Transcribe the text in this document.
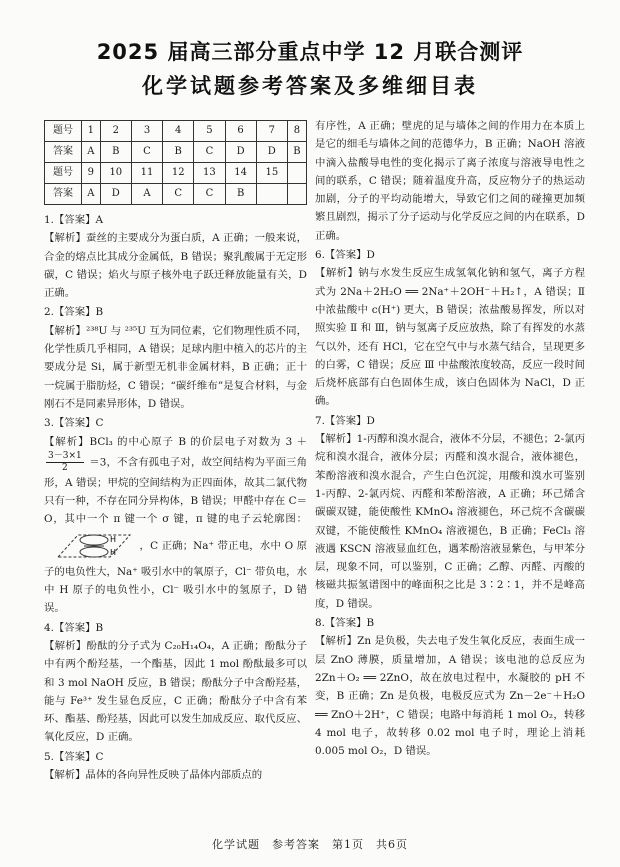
2025 届高三部分重点中学 12 月联合测评
化学试题参考答案及多维细目表
题号	1	2	3	4	5	6	7	8
答案	A	B	C	B	C	D	D	B
题号	9	10	11	12	13	14	15	
答案	A	D	A	C	C	B		

1.【答案】A

【解析】蚕丝的主要成分为蛋白质，A 正确；一般来说，合金的熔点比其成分金属低，B 错误；聚乳酸属于无定形碳，C 错误；焰火与原子核外电子跃迁释放能量有关，D 正确。

2.【答案】B

【解析】²³⁸U 与 ²³⁵U 互为同位素，它们物理性质不同，化学性质几乎相同，A 错误；足球内胆中植入的芯片的主要成分是 Si，属于新型无机非金属材料，B 正确；正十一烷属于脂肪烃，C 错误；“碳纤维布”是复合材料，与金刚石不是同素异形体，D 错误。

3.【答案】C

【解析】BCl₃ 的中心原子 B 的价层电子对数为 3 ＋
$\frac{3-3\times 1}{2} =3$，不含有孤电子对，故空间结构为平面三角形，A 错误；甲烷的空间结构为正四面体，故其二氯代物只有一种，不存在同分异构体，B 错误；甲醛中存在 C＝O，其中一个 π 键一个 σ 键，π 键的电子云轮廓图：
H
H
，C 正确；Na⁺ 带正电，水中 O 原子的电负性大，Na⁺ 吸引水中的氧原子，Cl⁻ 带负电，水中 H 原子的电负性小，Cl⁻ 吸引水中的氢原子，D 错误。

4.【答案】B

【解析】酚酞的分子式为 C₂₀H₁₄O₄，A 正确；酚酞分子中有两个酚羟基，一个酯基，因此 1 mol 酚酞最多可以和 3 mol NaOH 反应，B 错误；酚酞分子中含酚羟基，能与 Fe³⁺ 发生显色反应，C 正确；酚酞分子中含有苯环、酯基、酚羟基，因此可以发生加成反应、取代反应、氧化反应，D 正确。

5.【答案】C

【解析】晶体的各向异性反映了晶体内部质点的

有序性，A 正确；壁虎的足与墙体之间的作用力在本质上是它的细毛与墙体之间的范德华力，B 正确；NaOH 溶液中滴入盐酸导电性的变化揭示了离子浓度与溶液导电性之间的联系，C 错误；随着温度升高，反应物分子的热运动加剧，分子的平均动能增大，导致它们之间的碰撞更加频繁且剧烈，揭示了分子运动与化学反应之间的内在联系，D 正确。

6.【答案】D

【解析】钠与水发生反应生成氢氧化钠和氢气，离子方程式为 2Na＋2H₂O ══ 2Na⁺＋2OH⁻＋H₂↑，A 错误；Ⅱ 中浓盐酸中 c(H⁺) 更大，B 错误；浓盐酸易挥发，所以对照实验 Ⅱ 和 Ⅲ，钠与氢离子反应放热，除了有挥发的水蒸气以外，还有 HCl，它在空气中与水蒸气结合，呈现更多的白雾，C 错误；反应 Ⅲ 中盐酸浓度较高，反应一段时间后烧杯底部有白色固体生成，该白色固体为 NaCl，D 正确。

7.【答案】D

【解析】1-丙醇和溴水混合，液体不分层，不褪色；2-氯丙烷和溴水混合，液体分层；丙醛和溴水混合，液体褪色，苯酚溶液和溴水混合，产生白色沉淀，用酸和溴水可鉴别 1-丙醇、2-氯丙烷、丙醛和苯酚溶液，A 正确；环己烯含碳碳双键，能使酸性 KMnO₄ 溶液褪色，环己烷不含碳碳双键，不能使酸性 KMnO₄ 溶液褪色，B 正确；FeCl₃ 溶液遇 KSCN 溶液显血红色，遇苯酚溶液显紫色，与甲苯分层，现象不同，可以鉴别，C 正确；乙醇、丙醛、丙酸的核磁共振氢谱图中的峰面积之比是 3∶2∶1，并不是峰高度，D 错误。

8.【答案】B

【解析】Zn 是负极，失去电子发生氧化反应，表面生成一层 ZnO 薄膜，质量增加，A 错误；该电池的总反应为 2Zn＋O₂ ══ 2ZnO，故在放电过程中，水凝胶的 pH 不变，B 正确；Zn 是负极，电极反应式为 Zn－2e⁻＋H₂O ══ ZnO＋2H⁺，C 错误；电路中每消耗 1 mol O₂，转移 4 mol 电子，故转移 0.02 mol 电子时，理论上消耗 0.005 mol O₂，D 错误。

化学试题　参考答案　第1页　共6页
